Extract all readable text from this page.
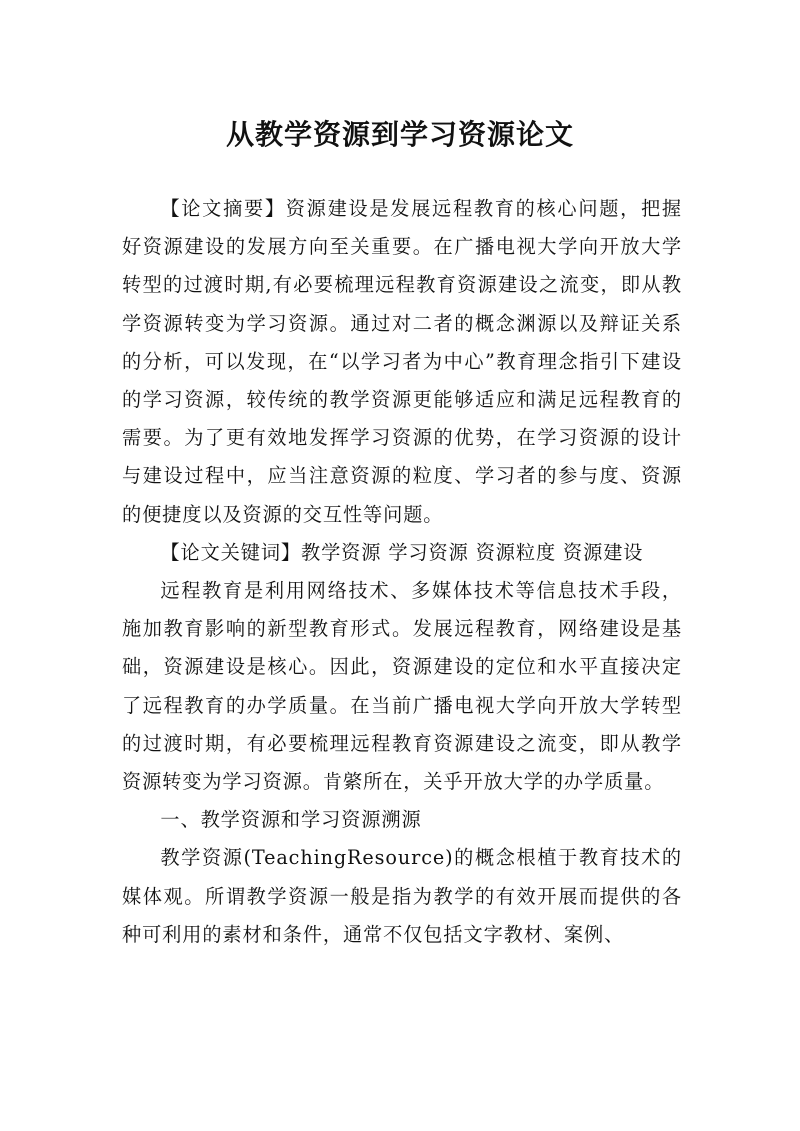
从教学资源到学习资源论文

【论文摘要】资源建设是发展远程教育的核心问题，把握好资源建设的发展方向至关重要。在广播电视大学向开放大学转型的过渡时期,有必要梳理远程教育资源建设之流变，即从教学资源转变为学习资源。通过对二者的概念渊源以及辩证关系的分析，可以发现，在“以学习者为中心”教育理念指引下建设的学习资源，较传统的教学资源更能够适应和满足远程教育的需要。为了更有效地发挥学习资源的优势，在学习资源的设计与建设过程中，应当注意资源的粒度、学习者的参与度、资源的便捷度以及资源的交互性等问题。

【论文关键词】教学资源 学习资源 资源粒度 资源建设

远程教育是利用网络技术、多媒体技术等信息技术手段，施加教育影响的新型教育形式。发展远程教育，网络建设是基础，资源建设是核心。因此，资源建设的定位和水平直接决定了远程教育的办学质量。在当前广播电视大学向开放大学转型的过渡时期，有必要梳理远程教育资源建设之流变，即从教学资源转变为学习资源。肯綮所在，关乎开放大学的办学质量。

一、教学资源和学习资源溯源

教学资源(TeachingResource)的概念根植于教育技术的媒体观。所谓教学资源一般是指为教学的有效开展而提供的各种可利用的素材和条件，通常不仅包括文字教材、案例、
